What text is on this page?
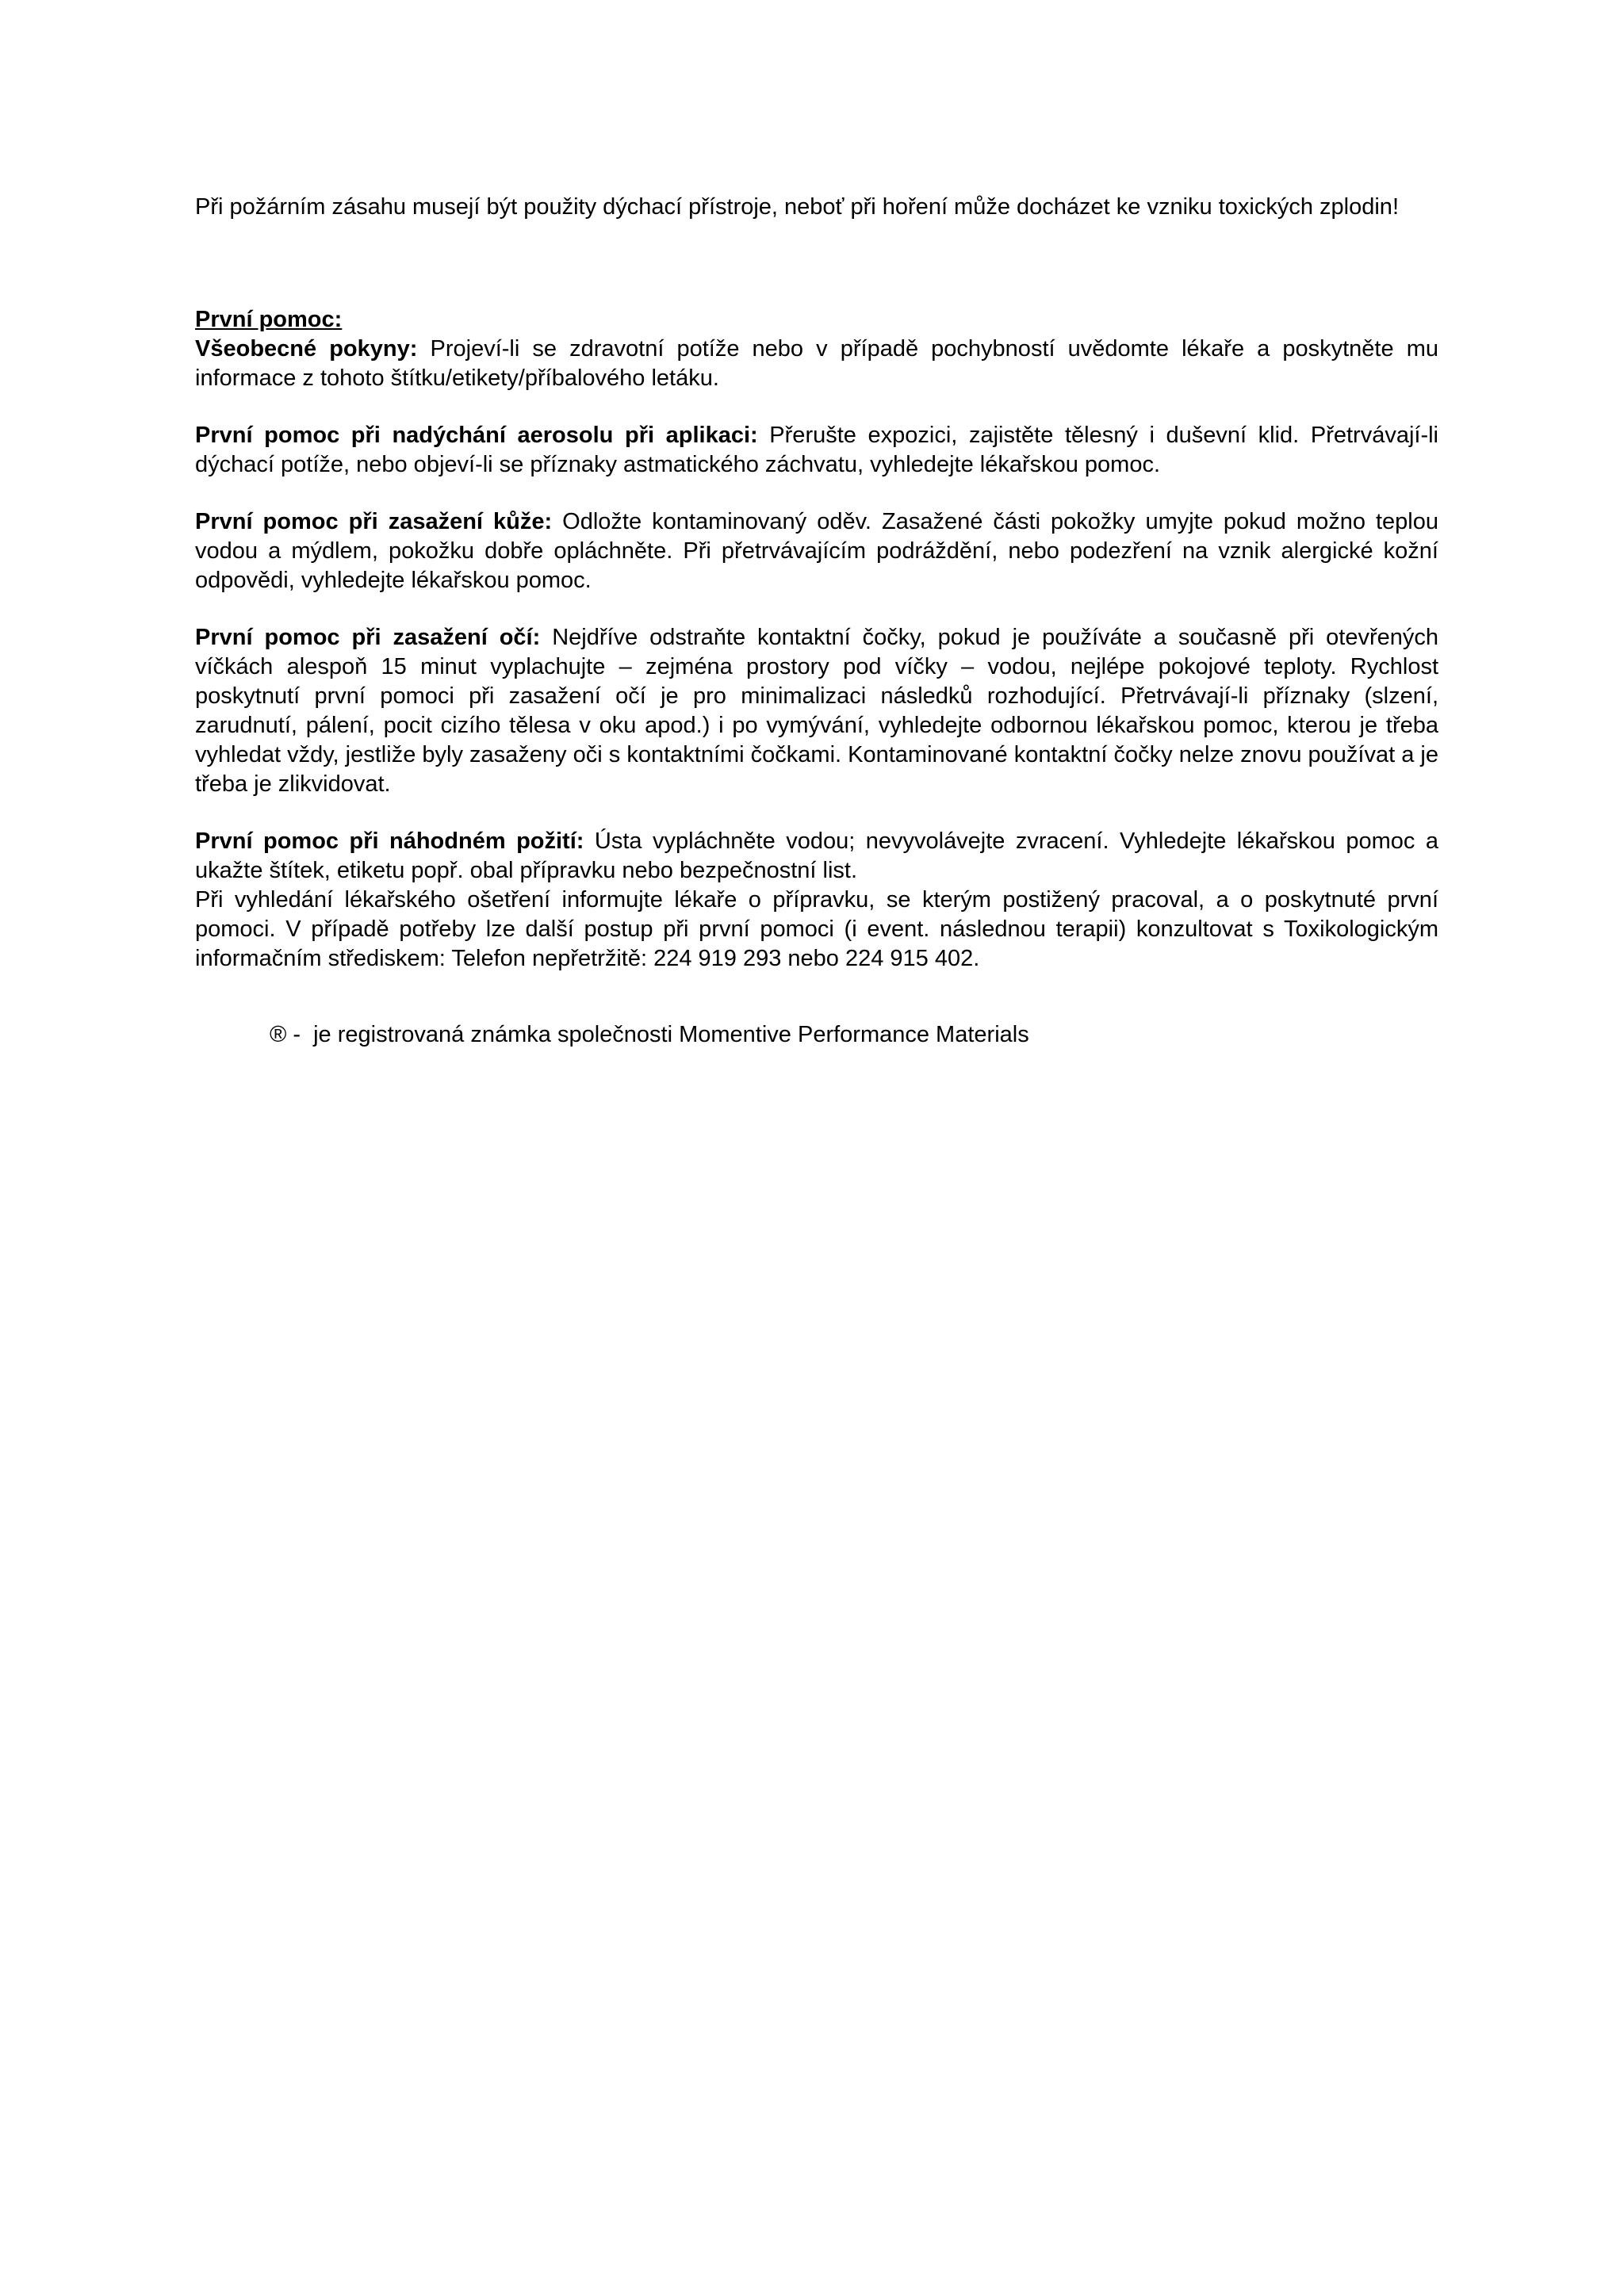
Při požárním zásahu musejí být použity dýchací přístroje, neboť při hoření může docházet ke vzniku toxických zplodin!

První pomoc:

Všeobecné pokyny: Projeví-li se zdravotní potíže nebo v případě pochybností uvědomte lékaře a poskytněte mu informace z tohoto štítku/etikety/příbalového letáku.

První pomoc při nadýchání aerosolu při aplikaci: Přerušte expozici, zajistěte tělesný i duševní klid. Přetrvávají-li dýchací potíže, nebo objeví-li se příznaky astmatického záchvatu, vyhledejte lékařskou pomoc.

První pomoc při zasažení kůže: Odložte kontaminovaný oděv. Zasažené části pokožky umyjte pokud možno teplou vodou a mýdlem, pokožku dobře opláchněte. Při přetrvávajícím podráždění, nebo podezření na vznik alergické kožní odpovědi, vyhledejte lékařskou pomoc.

První pomoc při zasažení očí: Nejdříve odstraňte kontaktní čočky, pokud je používáte a současně při otevřených víčkách alespoň 15 minut vyplachujte – zejména prostory pod víčky – vodou, nejlépe pokojové teploty. Rychlost poskytnutí první pomoci při zasažení očí je pro minimalizaci následků rozhodující. Přetrvávají-li příznaky (slzení, zarudnutí, pálení, pocit cizího tělesa v oku apod.) i po vymývání, vyhledejte odbornou lékařskou pomoc, kterou je třeba vyhledat vždy, jestliže byly zasaženy oči s kontaktními čočkami. Kontaminované kontaktní čočky nelze znovu používat a je třeba je zlikvidovat.

První pomoc při náhodném požití: Ústa vypláchněte vodou; nevyvolávejte zvracení. Vyhledejte lékařskou pomoc a ukažte štítek, etiketu popř. obal přípravku nebo bezpečnostní list.

Při vyhledání lékařského ošetření informujte lékaře o přípravku, se kterým postižený pracoval, a o poskytnuté první pomoci. V případě potřeby lze další postup při první pomoci (i event. následnou terapii) konzultovat s Toxikologickým informačním střediskem: Telefon nepřetržitě: 224 919 293 nebo 224 915 402.

® - je registrovaná známka společnosti Momentive Performance Materials
